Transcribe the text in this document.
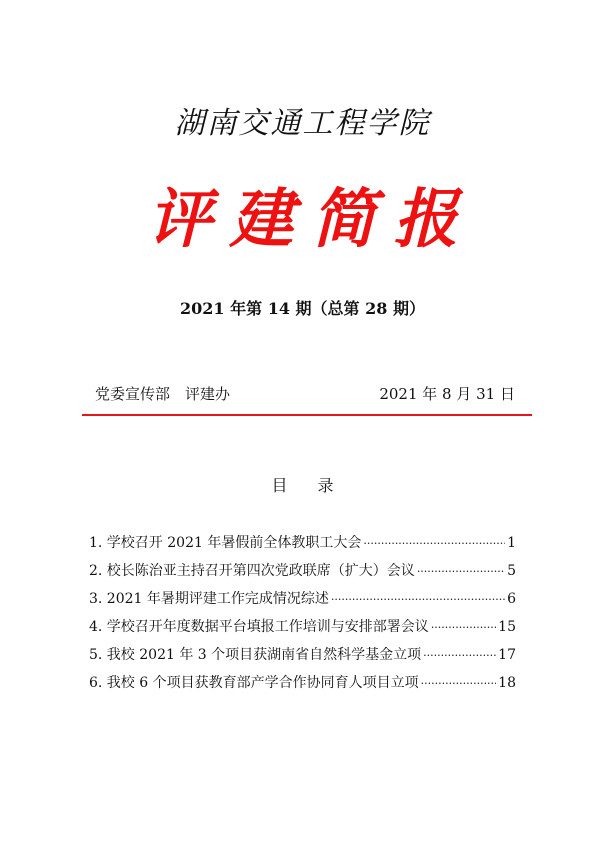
湖南交通工程学院
评建简报
2021 年第 14 期（总第 28 期）
党委宣传部　评建办	2021 年 8 月 31 日
目录
1. 学校召开 2021 年暑假前全体教职工大会 ·····	1
2. 校长陈治亚主持召开第四次党政联席（扩大）会议 ·····	5
3. 2021 年暑期评建工作完成情况综述 ·····	6
4. 学校召开年度数据平台填报工作培训与安排部署会议 ·····	15
5. 我校 2021 年 3 个项目获湖南省自然科学基金立项 ·····	17
6. 我校 6 个项目获教育部产学合作协同育人项目立项 ·····	18
